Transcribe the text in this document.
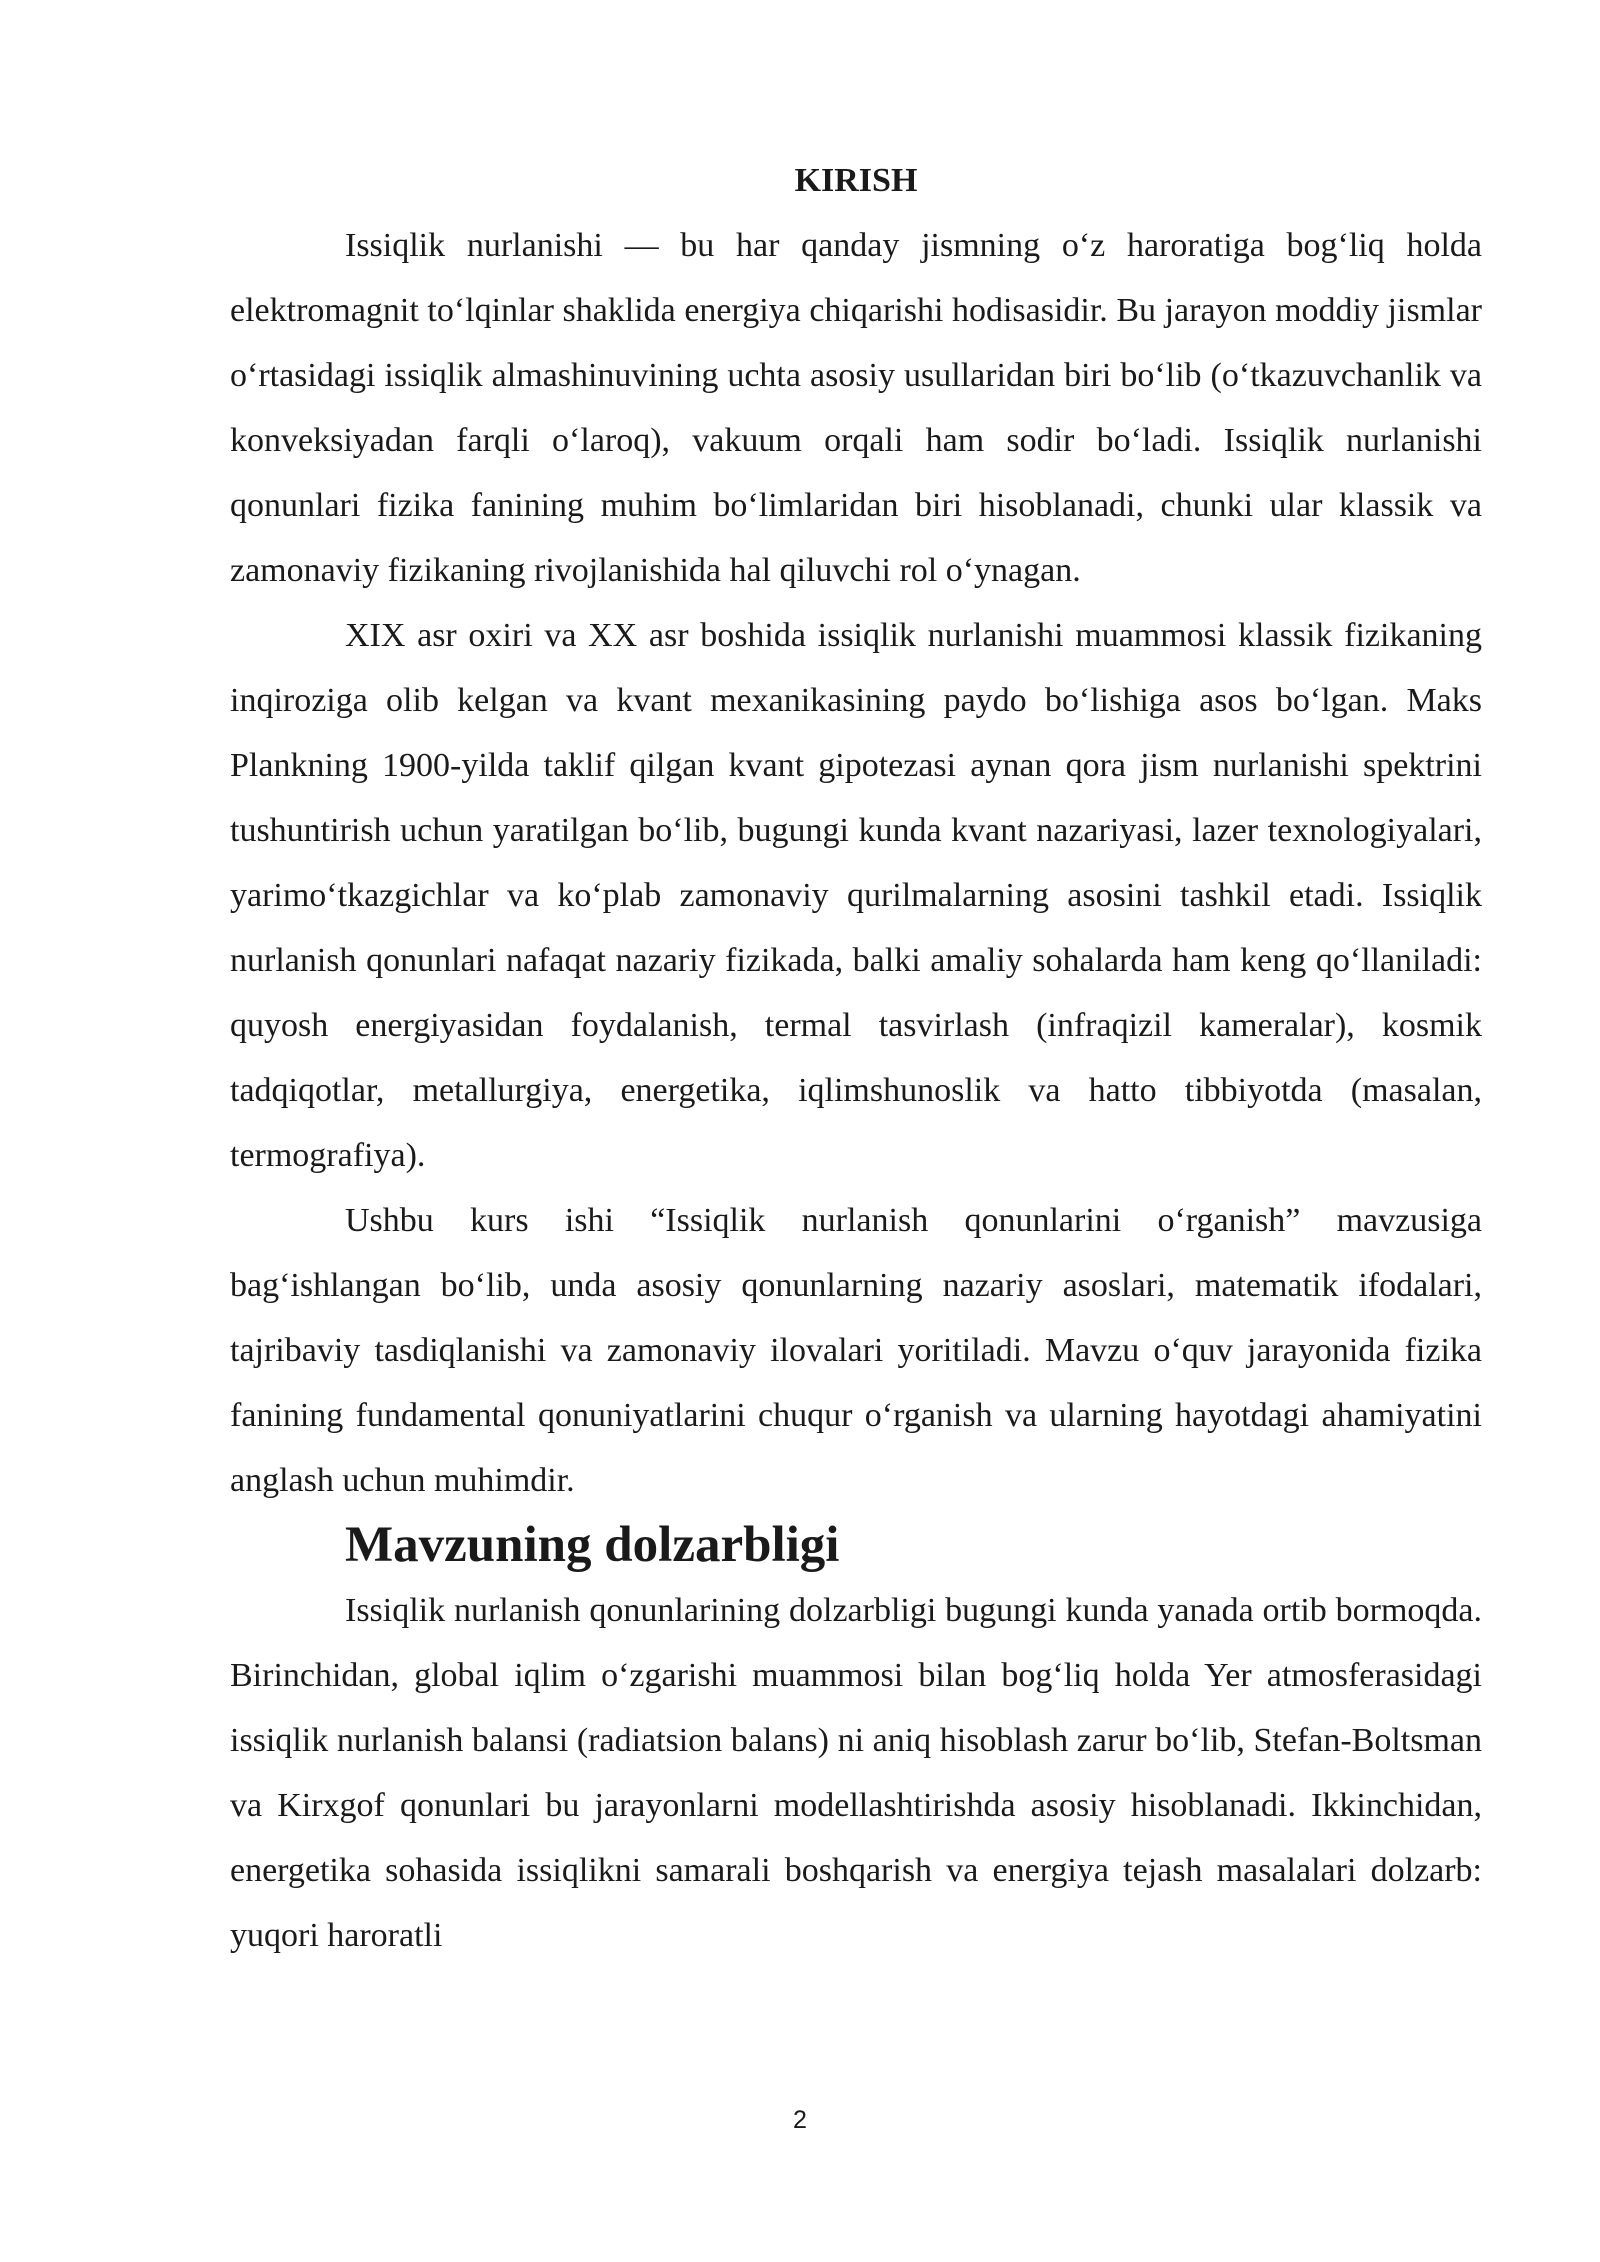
KIRISH

Issiqlik nurlanishi — bu har qanday jismning oʻz haroratiga bogʻliq holda elektromagnit toʻlqinlar shaklida energiya chiqarishi hodisasidir. Bu jarayon moddiy jismlar oʻrtasidagi issiqlik almashinuvining uchta asosiy usullaridan biri boʻlib (oʻtkazuvchanlik va konveksiyadan farqli oʻlaroq), vakuum orqali ham sodir boʻladi. Issiqlik nurlanishi qonunlari fizika fanining muhim boʻlimlaridan biri hisoblanadi, chunki ular klassik va zamonaviy fizikaning rivojlanishida hal qiluvchi rol oʻynagan.

XIX asr oxiri va XX asr boshida issiqlik nurlanishi muammosi klassik fizikaning inqiroziga olib kelgan va kvant mexanikasining paydo boʻlishiga asos boʻlgan. Maks Plankning 1900-yilda taklif qilgan kvant gipotezasi aynan qora jism nurlanishi spektrini tushuntirish uchun yaratilgan boʻlib, bugungi kunda kvant nazariyasi, lazer texnologiyalari, yarimoʻtkazgichlar va koʻplab zamonaviy qurilmalarning asosini tashkil etadi. Issiqlik nurlanish qonunlari nafaqat nazariy fizikada, balki amaliy sohalarda ham keng qoʻllaniladi: quyosh energiyasidan foydalanish, termal tasvirlash (infraqizil kameralar), kosmik tadqiqotlar, metallurgiya, energetika, iqlimshunoslik va hatto tibbiyotda (masalan, termografiya).

Ushbu kurs ishi “Issiqlik nurlanish qonunlarini oʻrganish” mavzusiga bagʻishlangan boʻlib, unda asosiy qonunlarning nazariy asoslari, matematik ifodalari, tajribaviy tasdiqlanishi va zamonaviy ilovalari yoritiladi. Mavzu oʻquv jarayonida fizika fanining fundamental qonuniyatlarini chuqur oʻrganish va ularning hayotdagi ahamiyatini anglash uchun muhimdir.

Mavzuning dolzarbligi

Issiqlik nurlanish qonunlarining dolzarbligi bugungi kunda yanada ortib bormoqda. Birinchidan, global iqlim oʻzgarishi muammosi bilan bogʻliq holda Yer atmosferasidagi issiqlik nurlanish balansi (radiatsion balans) ni aniq hisoblash zarur boʻlib, Stefan-Boltsman va Kirxgof qonunlari bu jarayonlarni modellashtirishda asosiy hisoblanadi. Ikkinchidan, energetika sohasida issiqlikni samarali boshqarish va energiya tejash masalalari dolzarb: yuqori haroratli

2
